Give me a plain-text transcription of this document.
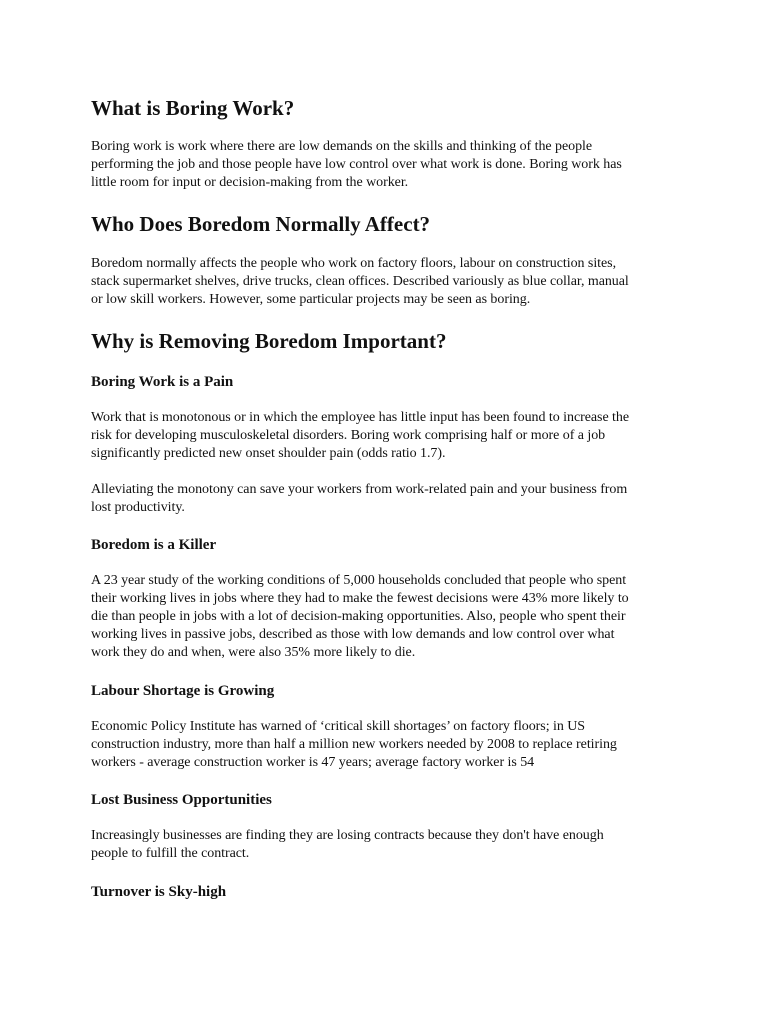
What is Boring Work?

Boring work is work where there are low demands on the skills and thinking of the people
performing the job and those people have low control over what work is done. Boring work has
little room for input or decision-making from the worker.

Who Does Boredom Normally Affect?

Boredom normally affects the people who work on factory floors, labour on construction sites,
stack supermarket shelves, drive trucks, clean offices. Described variously as blue collar, manual
or low skill workers. However, some particular projects may be seen as boring.

Why is Removing Boredom Important?
Boring Work is a Pain

Work that is monotonous or in which the employee has little input has been found to increase the
risk for developing musculoskeletal disorders. Boring work comprising half or more of a job
significantly predicted new onset shoulder pain (odds ratio 1.7).

Alleviating the monotony can save your workers from work-related pain and your business from
lost productivity.

Boredom is a Killer

A 23 year study of the working conditions of 5,000 households concluded that people who spent
their working lives in jobs where they had to make the fewest decisions were 43% more likely to
die than people in jobs with a lot of decision-making opportunities. Also, people who spent their
working lives in passive jobs, described as those with low demands and low control over what
work they do and when, were also 35% more likely to die.

Labour Shortage is Growing

Economic Policy Institute has warned of ‘critical skill shortages’ on factory floors; in US
construction industry, more than half a million new workers needed by 2008 to replace retiring
workers - average construction worker is 47 years; average factory worker is 54

Lost Business Opportunities

Increasingly businesses are finding they are losing contracts because they don't have enough
people to fulfill the contract.

Turnover is Sky-high
